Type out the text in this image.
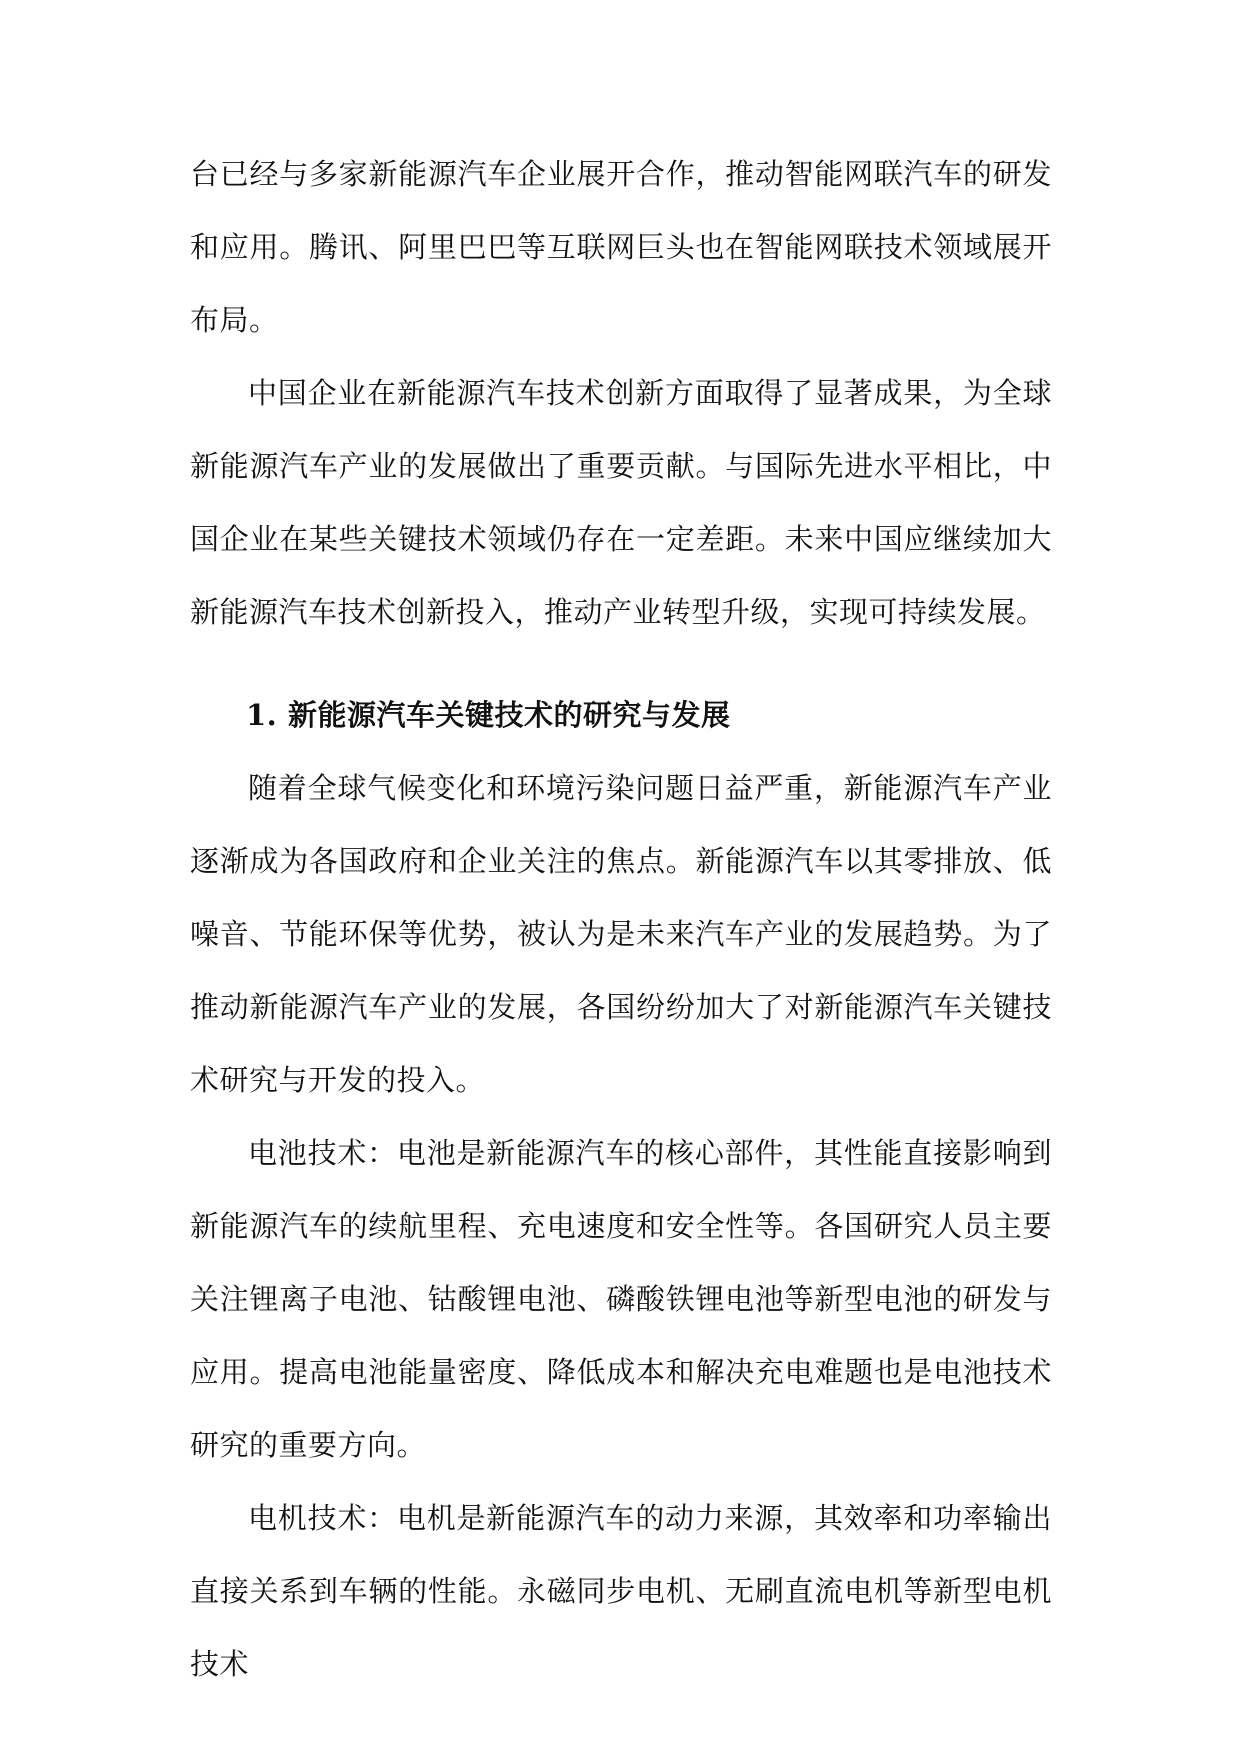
台已经与多家新能源汽车企业展开合作，推动智能网联汽车的研发和应用。腾讯、阿里巴巴等互联网巨头也在智能网联技术领域展开布局。

中国企业在新能源汽车技术创新方面取得了显著成果，为全球新能源汽车产业的发展做出了重要贡献。与国际先进水平相比，中国企业在某些关键技术领域仍存在一定差距。未来中国应继续加大新能源汽车技术创新投入，推动产业转型升级，实现可持续发展。

1. 新能源汽车关键技术的研究与发展

随着全球气候变化和环境污染问题日益严重，新能源汽车产业逐渐成为各国政府和企业关注的焦点。新能源汽车以其零排放、低噪音、节能环保等优势，被认为是未来汽车产业的发展趋势。为了推动新能源汽车产业的发展，各国纷纷加大了对新能源汽车关键技术研究与开发的投入。

电池技术：电池是新能源汽车的核心部件，其性能直接影响到新能源汽车的续航里程、充电速度和安全性等。各国研究人员主要关注锂离子电池、钴酸锂电池、磷酸铁锂电池等新型电池的研发与应用。提高电池能量密度、降低成本和解决充电难题也是电池技术研究的重要方向。

电机技术：电机是新能源汽车的动力来源，其效率和功率输出直接关系到车辆的性能。永磁同步电机、无刷直流电机等新型电机技术
